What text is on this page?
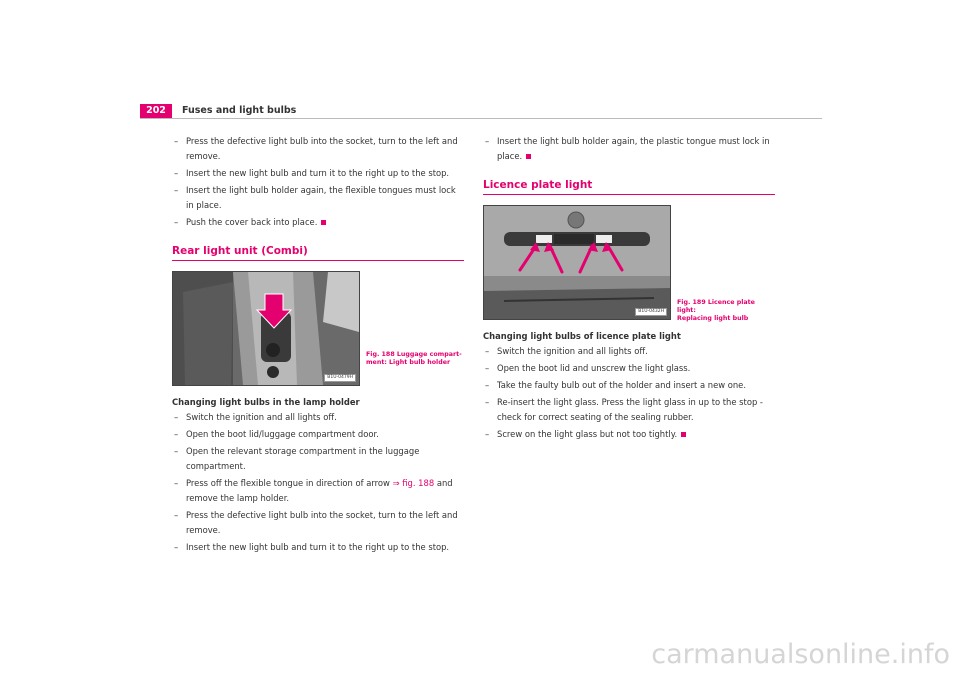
202	Fuses and light bulbs
– Press the defective light bulb into the socket, turn to the left and remove.
– Insert the new light bulb and turn it to the right up to the stop.
– Insert the light bulb holder again, the flexible tongues must lock in place.
– Push the cover back into place.
Rear light unit (Combi)
B1U-0479H
Fig. 188 Luggage compart-
ment: Light bulb holder
Changing light bulbs in the lamp holder
– Switch the ignition and all lights off.
– Open the boot lid/luggage compartment door.
– Open the relevant storage compartment in the luggage compartment.
– Press off the flexible tongue in direction of arrow ⇒ fig. 188 and remove the lamp holder.
– Press the defective light bulb into the socket, turn to the left and remove.
– Insert the new light bulb and turn it to the right up to the stop.
– Insert the light bulb holder again, the plastic tongue must lock in place.
Licence plate light
B1U-0432H
Fig. 189 Licence plate light:
Replacing light bulb
Changing light bulbs of licence plate light
– Switch the ignition and all lights off.
– Open the boot lid and unscrew the light glass.
– Take the faulty bulb out of the holder and insert a new one.
– Re-insert the light glass. Press the light glass in up to the stop - check for correct seating of the sealing rubber.
– Screw on the light glass but not too tightly.
carmanualsonline.info
